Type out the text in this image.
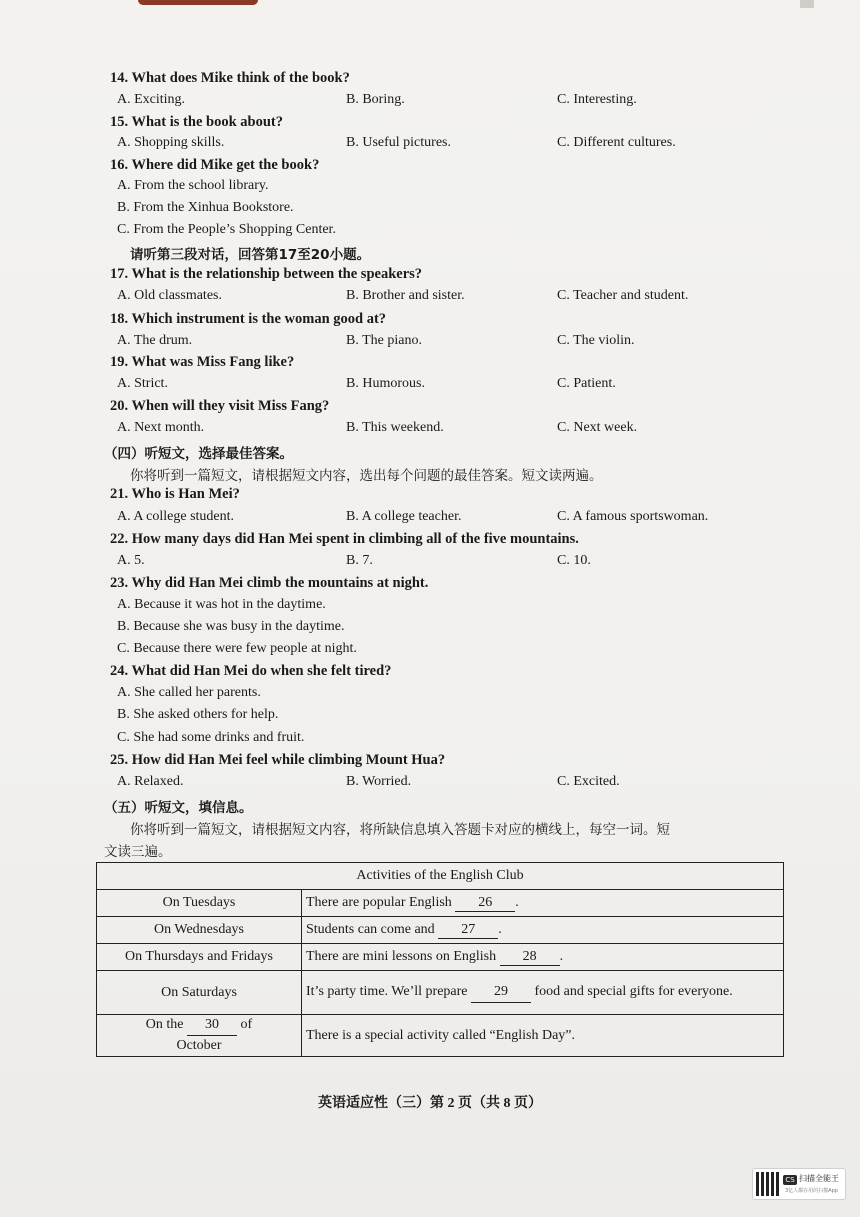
14. What does Mike think of the book?
A. Exciting.	B. Boring.	C. Interesting.
15. What is the book about?
A. Shopping skills.	B. Useful pictures.	C. Different cultures.
16. Where did Mike get the book?
A. From the school library.
B. From the Xinhua Bookstore.
C. From the People’s Shopping Center.
请听第三段对话，回答第17至20小题。
17. What is the relationship between the speakers?
A. Old classmates.	B. Brother and sister.	C. Teacher and student.
18. Which instrument is the woman good at?
A. The drum.	B. The piano.	C. The violin.
19. What was Miss Fang like?
A. Strict.	B. Humorous.	C. Patient.
20. When will they visit Miss Fang?
A. Next month.	B. This weekend.	C. Next week.
（四）听短文，选择最佳答案。
你将听到一篇短文，请根据短文内容，选出每个问题的最佳答案。短文读两遍。
21. Who is Han Mei?
A. A college student.	B. A college teacher.	C. A famous sportswoman.
22. How many days did Han Mei spent in climbing all of the five mountains.
A. 5.	B. 7.	C. 10.
23. Why did Han Mei climb the mountains at night.
A. Because it was hot in the daytime.
B. Because she was busy in the daytime.
C. Because there were few people at night.
24. What did Han Mei do when she felt tired?
A. She called her parents.
B. She asked others for help.
C. She had some drinks and fruit.
25. How did Han Mei feel while climbing Mount Hua?
A. Relaxed.	B. Worried.	C. Excited.
（五）听短文，填信息。
你将听到一篇短文，请根据短文内容，将所缺信息填入答题卡对应的横线上，每空一词。短
文读三遍。
Activities of the English Club	
On Tuesdays	There are popular English 26 .
On Wednesdays	Students can come and 27 .
On Thursdays and Fridays	There are mini lessons on English 28 .
On Saturdays	It’s party time. We’ll prepare 29 food and special gifts for everyone.
On the 30 of
October	There is a special activity called “English Day”.
英语适应性（三）第 2 页（共 8 页）
CS 扫描全能王
3亿人都在用的扫描App
